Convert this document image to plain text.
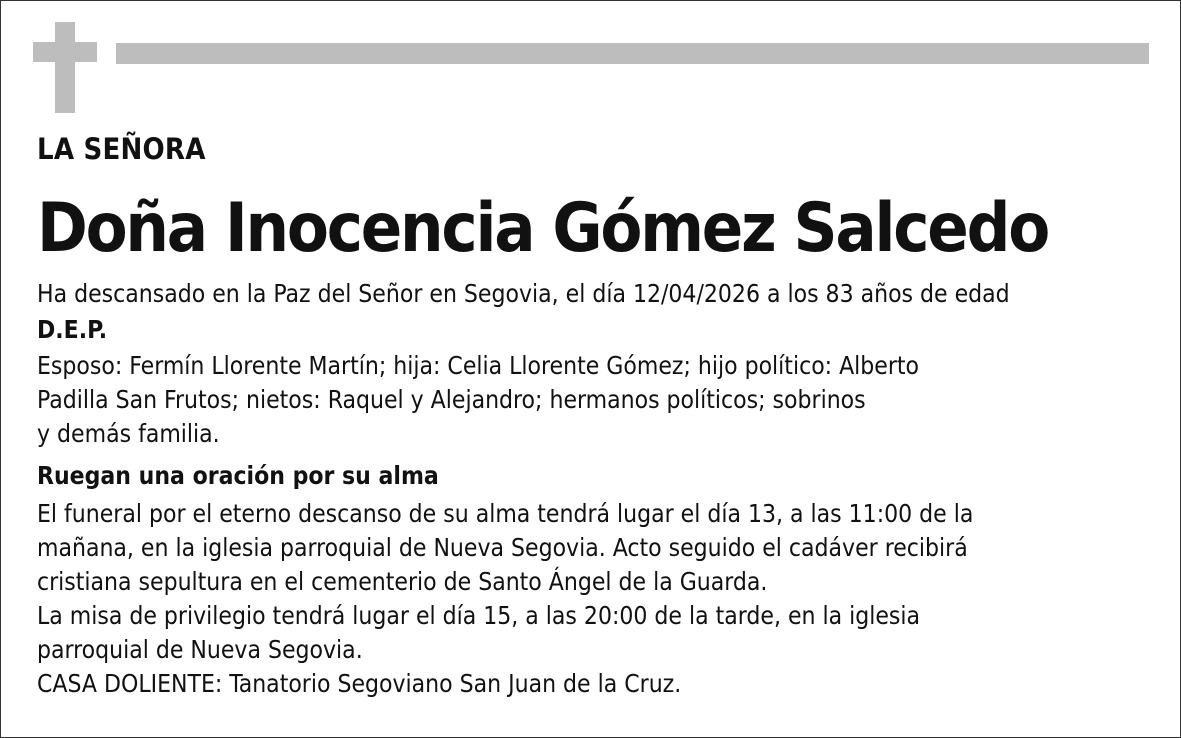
LA SEÑORA
Doña Inocencia Gómez Salcedo
Ha descansado en la Paz del Señor en Segovia, el día 12/04/2026 a los 83 años de edad
D.E.P.
Esposo: Fermín Llorente Martín; hija: Celia Llorente Gómez; hijo político: Alberto
Padilla San Frutos; nietos: Raquel y Alejandro; hermanos políticos; sobrinos
y demás familia.
Ruegan una oración por su alma
El funeral por el eterno descanso de su alma tendrá lugar el día 13, a las 11:00 de la
mañana, en la iglesia parroquial de Nueva Segovia. Acto seguido el cadáver recibirá
cristiana sepultura en el cementerio de Santo Ángel de la Guarda.
La misa de privilegio tendrá lugar el día 15, a las 20:00 de la tarde, en la iglesia
parroquial de Nueva Segovia.
CASA DOLIENTE: Tanatorio Segoviano San Juan de la Cruz.
